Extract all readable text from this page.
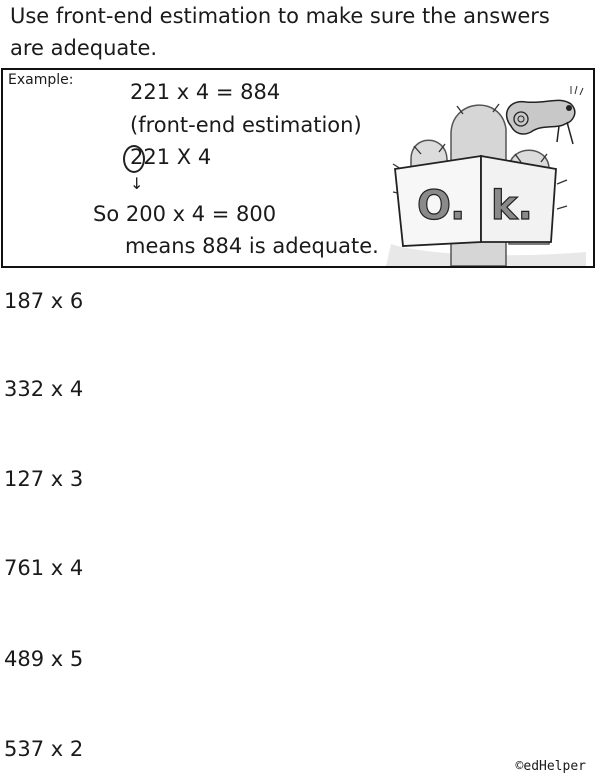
Use front-end estimation to make sure the answers
are adequate.
Example:	221 x 4 = 884
(front-end estimation)
221 X 4
↓
So 200 x 4 = 800
means 884 is adequate.
O. k.
187 x 6
332 x 4
127 x 3
761 x 4
489 x 5
537 x 2
©edHelper
